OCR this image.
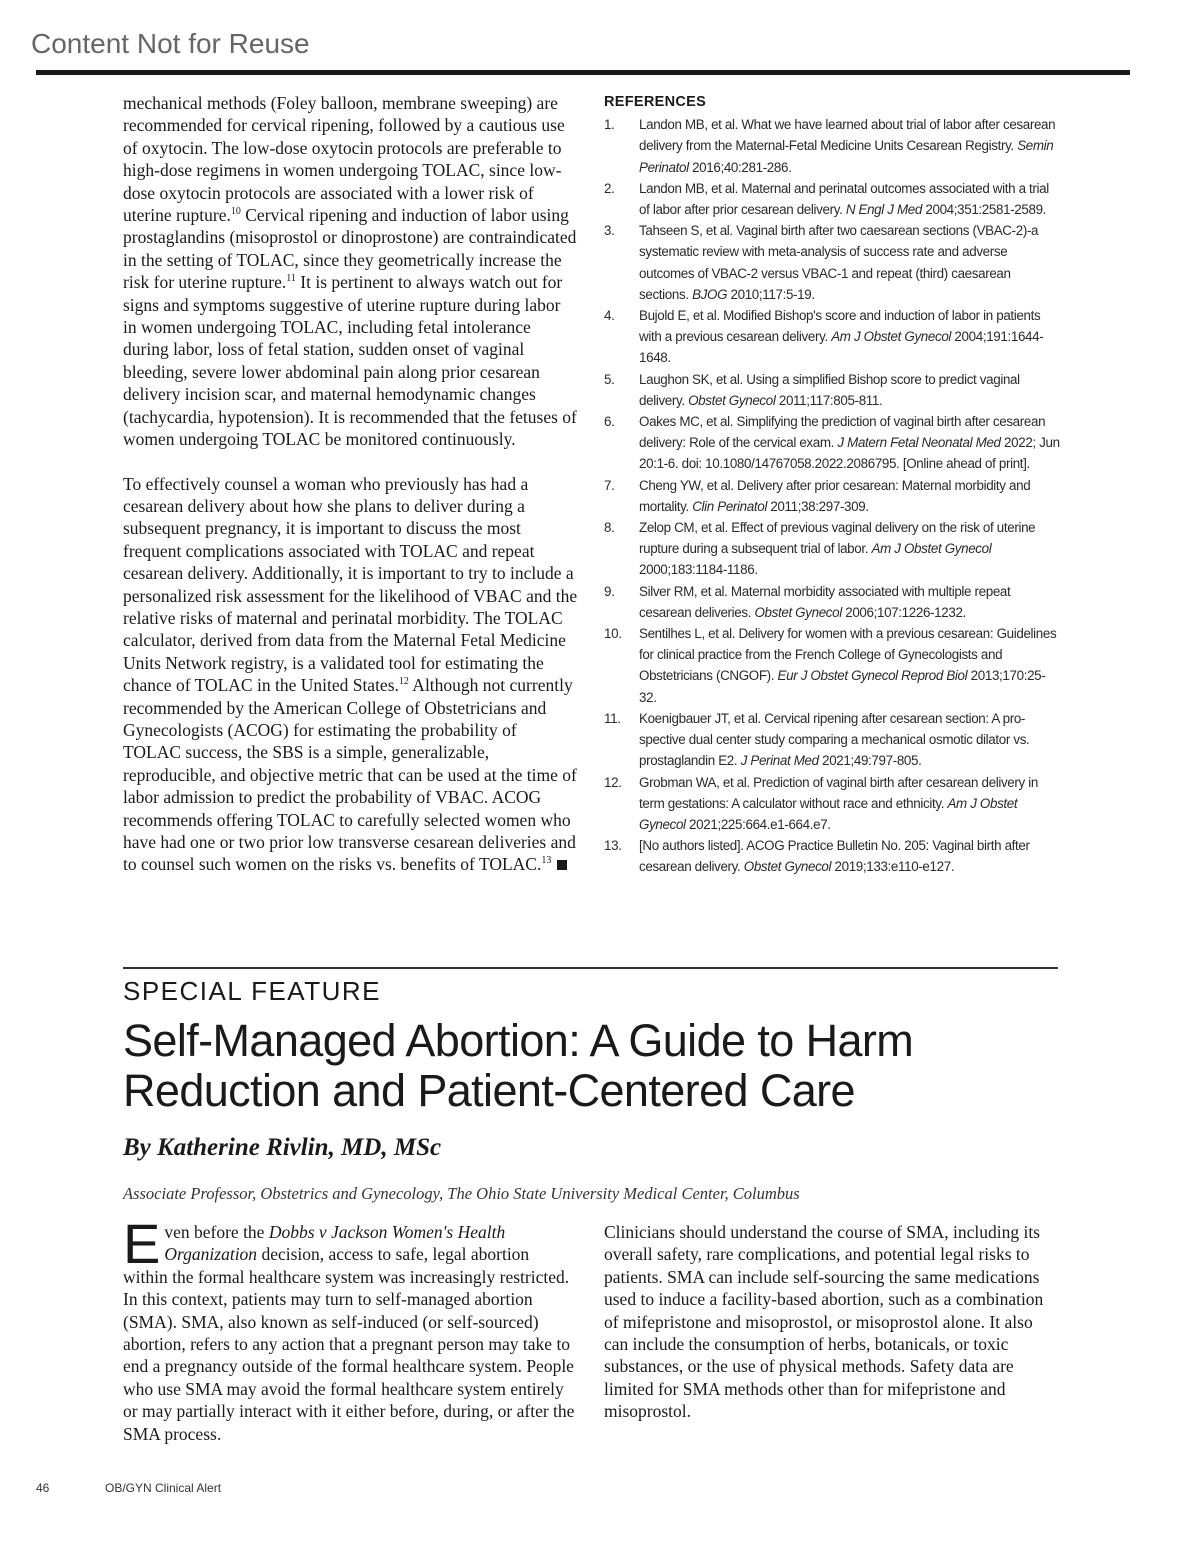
Content Not for Reuse

mechanical methods (Foley balloon, membrane sweeping) are recommended for cervical ripening, followed by a cautious use of oxytocin. The low-dose oxytocin protocols are preferable to high-dose regimens in women undergoing TOLAC, since low-dose oxytocin protocols are associated with a lower risk of uterine rupture.$^{10}$ Cervical ripening and induction of labor using prostaglandins (misoprostol or dinoprostone) are contraindicated in the setting of TOLAC, since they geometrically increase the risk for uterine rupture.$^{11}$ It is pertinent to always watch out for signs and symptoms suggestive of uterine rupture during labor in women undergoing TOLAC, including fetal intolerance during labor, loss of fetal station, sudden onset of vaginal bleeding, severe lower abdominal pain along prior cesarean delivery incision scar, and maternal hemodynamic changes (tachycardia, hypotension). It is recommended that the fetuses of women undergoing TOLAC be monitored continuously.

To effectively counsel a woman who previously has had a cesarean delivery about how she plans to deliver during a subsequent pregnancy, it is important to discuss the most frequent complications associated with TOLAC and repeat cesarean delivery. Additionally, it is important to try to include a personalized risk assessment for the likelihood of VBAC and the relative risks of maternal and perinatal morbidity. The TOLAC calculator, derived from data from the Maternal Fetal Medicine Units Network registry, is a validated tool for estimating the chance of TOLAC in the United States.$^{12}$ Although not currently recommended by the American College of Obstetricians and Gynecologists (ACOG) for estimating the probability of TOLAC success, the SBS is a simple, generalizable, reproducible, and objective metric that can be used at the time of labor admission to predict the probability of VBAC. ACOG recommends offering TOLAC to carefully selected women who have had one or two prior low transverse cesarean deliveries and to counsel such women on the risks vs. benefits of TOLAC.$^{13}$

REFERENCES
1. Landon MB, et al. What we have learned about trial of labor after cesarean delivery from the Maternal-Fetal Medicine Units Cesarean Registry. Semin Perinatol 2016;40:281-286.
2. Landon MB, et al. Maternal and perinatal outcomes associated with a trial of labor after prior cesarean delivery. N Engl J Med 2004;351:2581-2589.
3. Tahseen S, et al. Vaginal birth after two caesarean sections (VBAC-2)-a systematic review with meta-analysis of success rate and adverse outcomes of VBAC-2 versus VBAC-1 and repeat (third) caesarean sections. BJOG 2010;117:5-19.
4. Bujold E, et al. Modified Bishop's score and induction of labor in patients with a previous cesarean delivery. Am J Obstet Gynecol 2004;191:1644-1648.
5. Laughon SK, et al. Using a simplified Bishop score to predict vaginal delivery. Obstet Gynecol 2011;117:805-811.
6. Oakes MC, et al. Simplifying the prediction of vaginal birth after cesarean delivery: Role of the cervical exam. J Matern Fetal Neonatal Med 2022; Jun 20:1-6. doi: 10.1080/14767058.2022.2086795. [Online ahead of print].
7. Cheng YW, et al. Delivery after prior cesarean: Maternal morbidity and mortality. Clin Perinatol 2011;38:297-309.
8. Zelop CM, et al. Effect of previous vaginal delivery on the risk of uterine rupture during a subsequent trial of labor. Am J Obstet Gynecol 2000;183:1184-1186.
9. Silver RM, et al. Maternal morbidity associated with multiple repeat cesarean deliveries. Obstet Gynecol 2006;107:1226-1232.
10. Sentilhes L, et al. Delivery for women with a previous cesarean: Guidelines for clinical practice from the French College of Gynecologists and Obstetricians (CNGOF). Eur J Obstet Gynecol Reprod Biol 2013;170:25-32.
11. Koenigbauer JT, et al. Cervical ripening after cesarean section: A prospective dual center study comparing a mechanical osmotic dilator vs. prostaglandin E2. J Perinat Med 2021;49:797-805.
12. Grobman WA, et al. Prediction of vaginal birth after cesarean delivery in term gestations: A calculator without race and ethnicity. Am J Obstet Gynecol 2021;225:664.e1-664.e7.
13. [No authors listed]. ACOG Practice Bulletin No. 205: Vaginal birth after cesarean delivery. Obstet Gynecol 2019;133:e110-e127.
SPECIAL FEATURE
Self-Managed Abortion: A Guide to Harm
Reduction and Patient-Centered Care
By Katherine Rivlin, MD, MSc
Associate Professor, Obstetrics and Gynecology, The Ohio State University Medical Center, Columbus

Even before the Dobbs v Jackson Women's Health Organization decision, access to safe, legal abortion within the formal healthcare system was increasingly restricted. In this context, patients may turn to self-managed abortion (SMA). SMA, also known as self-induced (or self-sourced) abortion, refers to any action that a pregnant person may take to end a pregnancy outside of the formal healthcare system. People who use SMA may avoid the formal healthcare system entirely or may partially interact with it either before, during, or after the SMA process.

Clinicians should understand the course of SMA, including its overall safety, rare complications, and potential legal risks to patients. SMA can include self-sourcing the same medications used to induce a facility-based abortion, such as a combination of mifepristone and misoprostol, or misoprostol alone. It also can include the consumption of herbs, botanicals, or toxic substances, or the use of physical methods. Safety data are limited for SMA methods other than for mifepristone and misoprostol.

46	OB/GYN Clinical Alert
